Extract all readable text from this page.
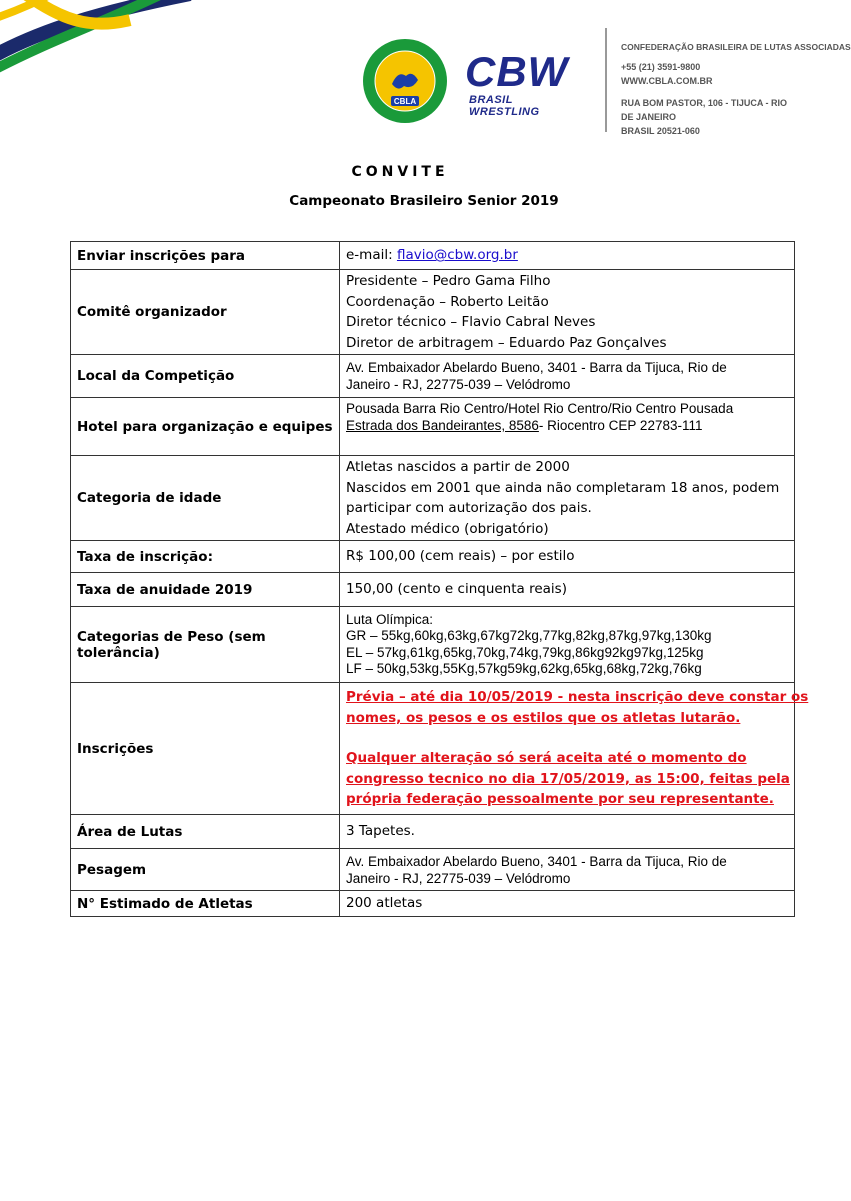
CBLA
CBW
BRASIL WRESTLING
CONFEDERAÇÃO BRASILEIRA DE LUTAS ASSOCIADAS
+55 (21) 3591-9800
WWW.CBLA.COM.BR
RUA BOM PASTOR, 106 - TIJUCA - RIO DE JANEIRO
BRASIL 20521-060
CONVITE
Campeonato Brasileiro Senior 2019
Enviar inscrições para	e-mail: flavio@cbw.org.br
Comitê organizador	Presidente – Pedro Gama Filho
Coordenação – Roberto Leitão
Diretor técnico – Flavio Cabral Neves
Diretor de arbitragem – Eduardo Paz Gonçalves

Local da Competição	Av. Embaixador Abelardo Bueno, 3401 - Barra da Tijuca, Rio de
Janeiro - RJ, 22775-039 – Velódromo

Hotel para organização e equipes	Pousada Barra Rio Centro/Hotel Rio Centro/Rio Centro Pousada
Estrada dos Bandeirantes, 8586- Riocentro CEP 22783-111

Categoria de idade	Atletas nascidos a partir de 2000
Nascidos em 2001 que ainda não completaram 18 anos, podem
participar com autorização dos pais.
Atestado médico (obrigatório)

Taxa de inscrição:	R$ 100,00 (cem reais) – por estilo
Taxa de anuidade 2019	150,00 (cento e cinquenta reais)
Categorias de Peso (sem tolerância)	Luta Olímpica:
GR – 55kg,60kg,63kg,67kg72kg,77kg,82kg,87kg,97kg,130kg
EL – 57kg,61kg,65kg,70kg,74kg,79kg,86kg92kg97kg,125kg
LF – 50kg,53kg,55Kg,57kg59kg,62kg,65kg,68kg,72kg,76kg

Inscrições	Prévia – até dia 10/05/2019 - nesta inscrição deve constar os
nomes, os pesos e os estilos que os atletas lutarão.
Qualquer alteração só será aceita até o momento do
congresso tecnico no dia 17/05/2019, as 15:00, feitas pela
própria federação pessoalmente por seu representante.

Área de Lutas	3 Tapetes.
Pesagem	Av. Embaixador Abelardo Bueno, 3401 - Barra da Tijuca, Rio de
Janeiro - RJ, 22775-039 – Velódromo

N° Estimado de Atletas	200 atletas
